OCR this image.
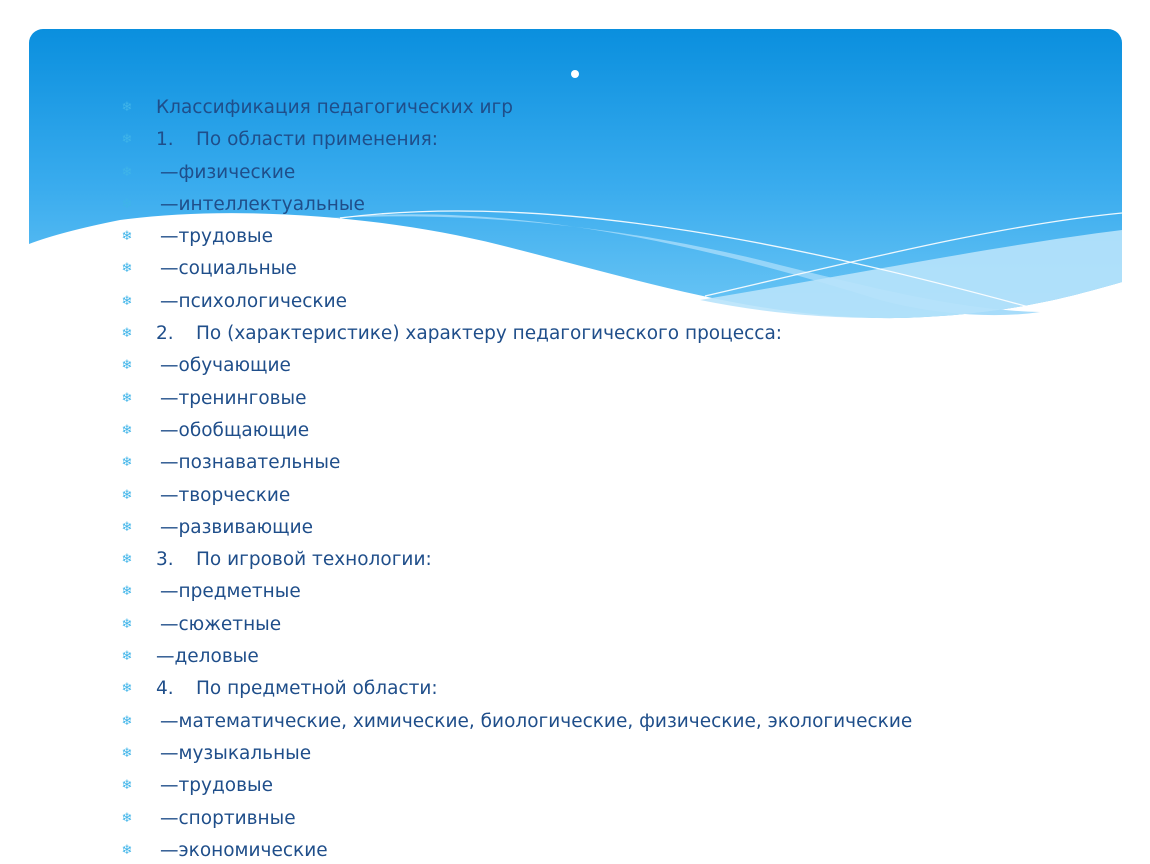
❄ Классификация педагогических игр
❄ 1. По области применения:
❄ —физические
❄ —интеллектуальные
❄ —трудовые
❄ —социальные
❄ —психологические
❄ 2. По (характеристике) характеру педагогического процесса:
❄ —обучающие
❄ —тренинговые
❄ —обобщающие
❄ —познавательные
❄ —творческие
❄ —развивающие
❄ 3. По игровой технологии:
❄ —предметные
❄ —сюжетные
❄ —деловые
❄ 4. По предметной области:
❄ —математические, химические, биологические, физические, экологические
❄ —музыкальные
❄ —трудовые
❄ —спортивные
❄ —экономические
